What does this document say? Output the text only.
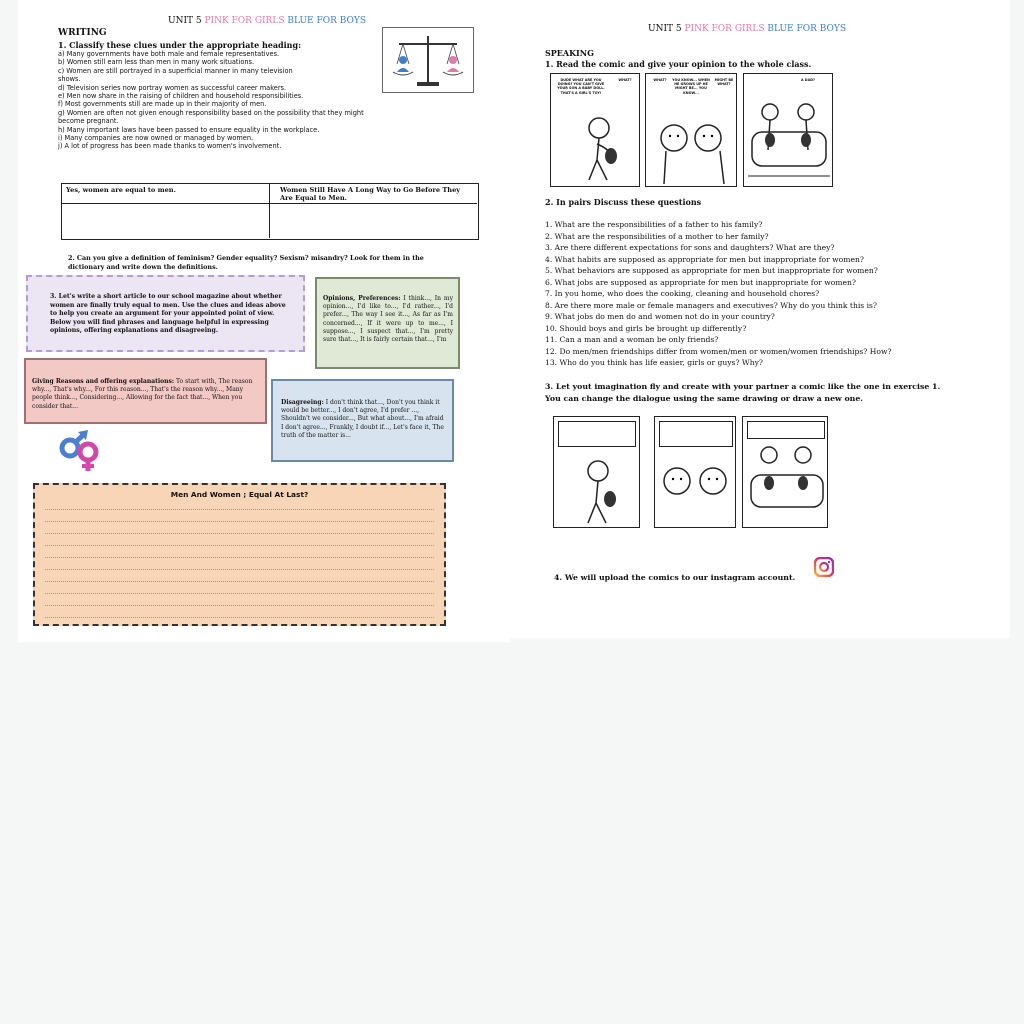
UNIT 5 PINK FOR GIRLS BLUE FOR BOYS
WRITING
1. Classify these clues under the appropriate heading:
a) Many governments have both male and female representatives.
b) Women still earn less than men in many work situations.
c) Women are still portrayed in a superficial manner in many television
shows.
d) Television series now portray women as successful career makers.
e) Men now share in the raising of children and household responsibilities.
f) Most governments still are made up in their majority of men.
g) Women are often not given enough responsibility based on the possibility that they might
become pregnant.
h) Many important laws have been passed to ensure equality in the workplace.
i) Many companies are now owned or managed by women.
j) A lot of progress has been made thanks to women's involvement.
Yes, women are equal to men.	Women Still Have A Long Way to Go Before They Are Equal to Men.
2. Can you give a definition of feminism? Gender equality? Sexism? misandry? Look for them in the dictionary and write down the definitions.
3. Let's write a short article to our school magazine about whether women are finally truly equal to men. Use the clues and ideas above to help you create an argument for your appointed point of view. Below you will find phrases and language helpful in expressing opinions, offering explanations and disagreeing.
Opinions, Preferences: I think..., In my opinion..., I'd like to..., I'd rather..., I'd prefer..., The way I see it..., As far as I'm concerned..., If it were up to me..., I suppose..., I suspect that..., I'm pretty sure that..., It is fairly certain that..., I'm
Giving Reasons and offering explanations: To start with, The reason why..., That's why..., For this reason..., That's the reason why..., Many people think..., Considering..., Allowing for the fact that..., When you consider that...
Disagreeing: I don't think that..., Don't you think it would be better..., I don't agree, I'd prefer ..., Shouldn't we consider..., But what about..., I'm afraid I don't agree..., Frankly, I doubt if..., Let's face it, The truth of the matter is...
Men And Women ; Equal At Last?
UNIT 5 PINK FOR GIRLS BLUE FOR BOYS
SPEAKING
1. Read the comic and give your opinion to the whole class.
DUDE WHAT ARE YOU DOING? YOU CAN'T GIVE YOUR SON A BABY DOLL. THAT'S A GIRL'S TOY!
WHAT?	WHAT?	YOU KNOW... WHEN HE GROWS UP HE MIGHT BE... YOU KNOW...
MIGHT BE WHAT?
A DAD?
2. In pairs Discuss these questions
1. What are the responsibilities of a father to his family?
2. What are the responsibilities of a mother to her family?
3. Are there different expectations for sons and daughters? What are they?
4. What habits are supposed as appropriate for men but inappropriate for women?
5. What behaviors are supposed as appropriate for men but inappropriate for women?
6. What jobs are supposed as appropriate for men but inappropriate for women?
7. In you home, who does the cooking, cleaning and household chores?
8. Are there more male or female managers and executives? Why do you think this is?
9. What jobs do men do and women not do in your country?
10. Should boys and girls be brought up differently?
11. Can a man and a woman be only friends?
12. Do men/men friendships differ from women/men or women/women friendships? How?
13. Who do you think has life easier, girls or guys? Why?
3. Let yout imagination fly and create with your partner a comic like the one in exercise 1.
You can change the dialogue using the same drawing or draw a new one.
4. We will upload the comics to our instagram account.
